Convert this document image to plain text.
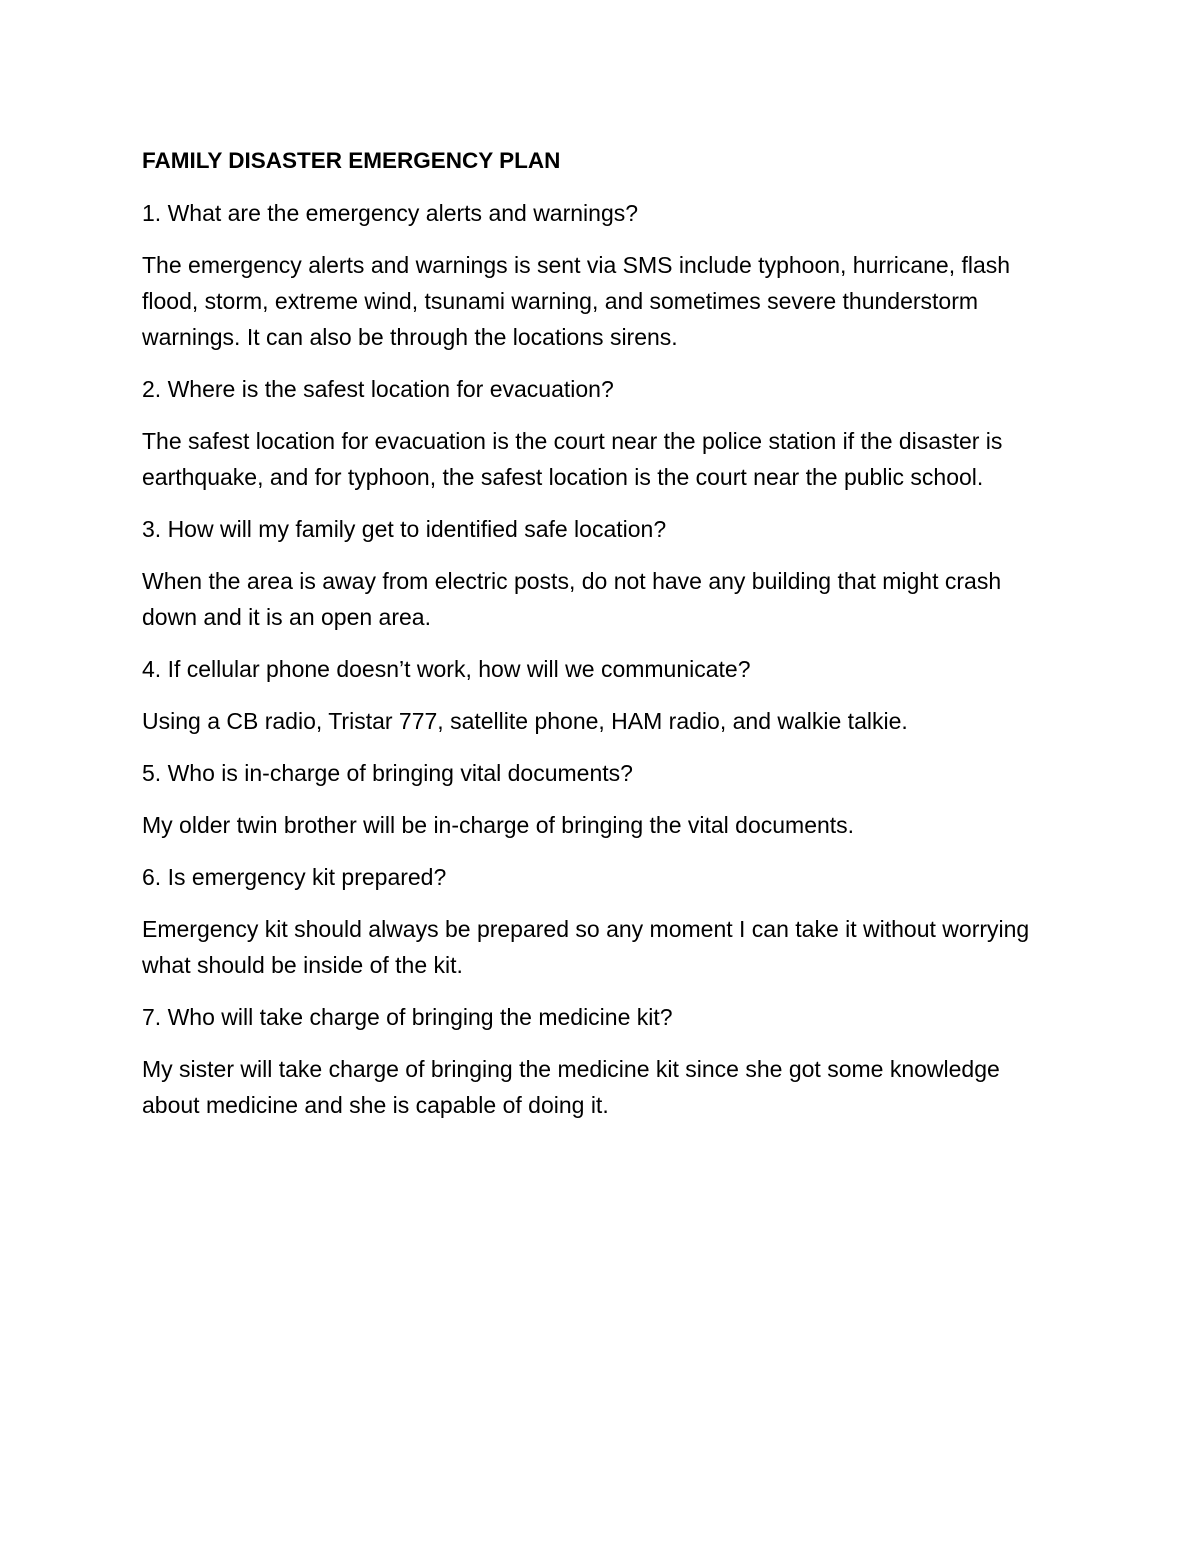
FAMILY DISASTER EMERGENCY PLAN

1. What are the emergency alerts and warnings?

The emergency alerts and warnings is sent via SMS include typhoon, hurricane, flash flood, storm, extreme wind, tsunami warning, and sometimes severe thunderstorm warnings. It can also be through the locations sirens.

2. Where is the safest location for evacuation?

The safest location for evacuation is the court near the police station if the disaster is earthquake, and for typhoon, the safest location is the court near the public school.

3. How will my family get to identified safe location?

When the area is away from electric posts, do not have any building that might crash down and it is an open area.

4. If cellular phone doesn’t work, how will we communicate?

Using a CB radio, Tristar 777, satellite phone, HAM radio, and walkie talkie.

5. Who is in-charge of bringing vital documents?

My older twin brother will be in-charge of bringing the vital documents.

6. Is emergency kit prepared?

Emergency kit should always be prepared so any moment I can take it without worrying what should be inside of the kit.

7. Who will take charge of bringing the medicine kit?

My sister will take charge of bringing the medicine kit since she got some knowledge about medicine and she is capable of doing it.
